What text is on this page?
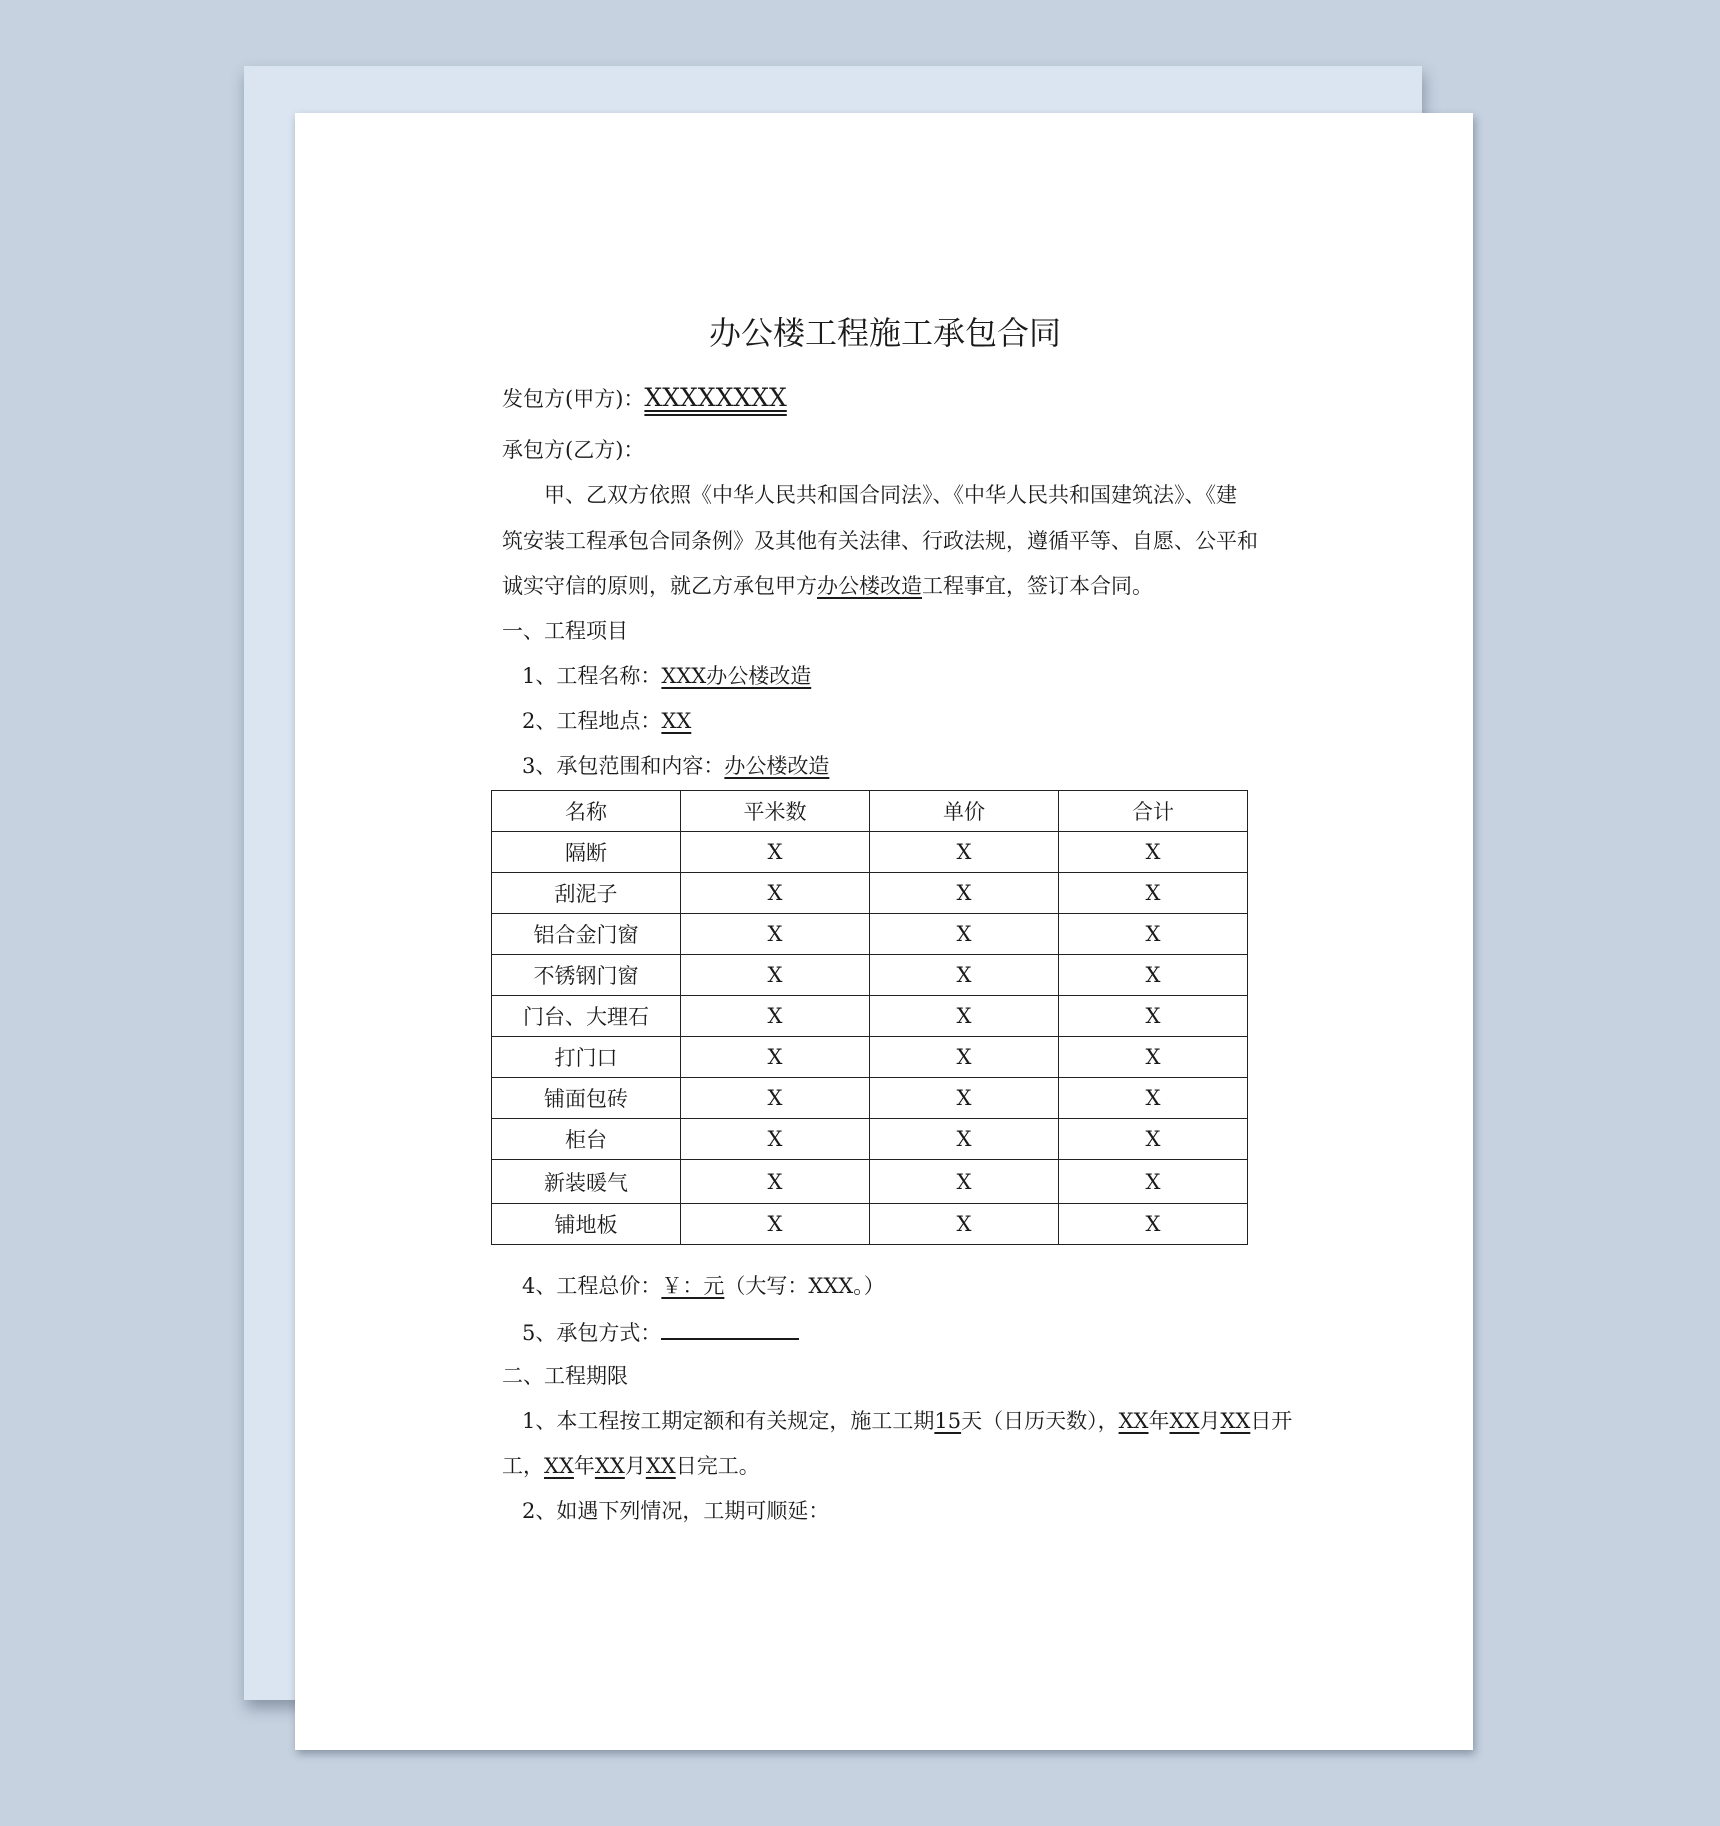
办公楼工程施工承包合同
发包方(甲方)：XXXXXXXX
承包方(乙方)：
甲、乙双方依照《中华人民共和国合同法》、《中华人民共和国建筑法》、《建
筑安装工程承包合同条例》及其他有关法律、行政法规，遵循平等、自愿、公平和
诚实守信的原则，就乙方承包甲方办公楼改造工程事宜，签订本合同。
一、工程项目
1、工程名称：XXX办公楼改造
2、工程地点：XX
3、承包范围和内容：办公楼改造
名称	平米数	单价	合计
隔断	X	X	X
刮泥子	X	X	X
铝合金门窗	X	X	X
不锈钢门窗	X	X	X
门台、大理石	X	X	X
打门口	X	X	X
铺面包砖	X	X	X
柜台	X	X	X
新装暖气	X	X	X
铺地板	X	X	X
4、工程总价：￥：元（大写：XXX。）
5、承包方式：
二、工程期限
1、本工程按工期定额和有关规定，施工工期15天（日历天数），XX年XX月XX日开
工，XX年XX月XX日完工。
2、如遇下列情况，工期可顺延：
